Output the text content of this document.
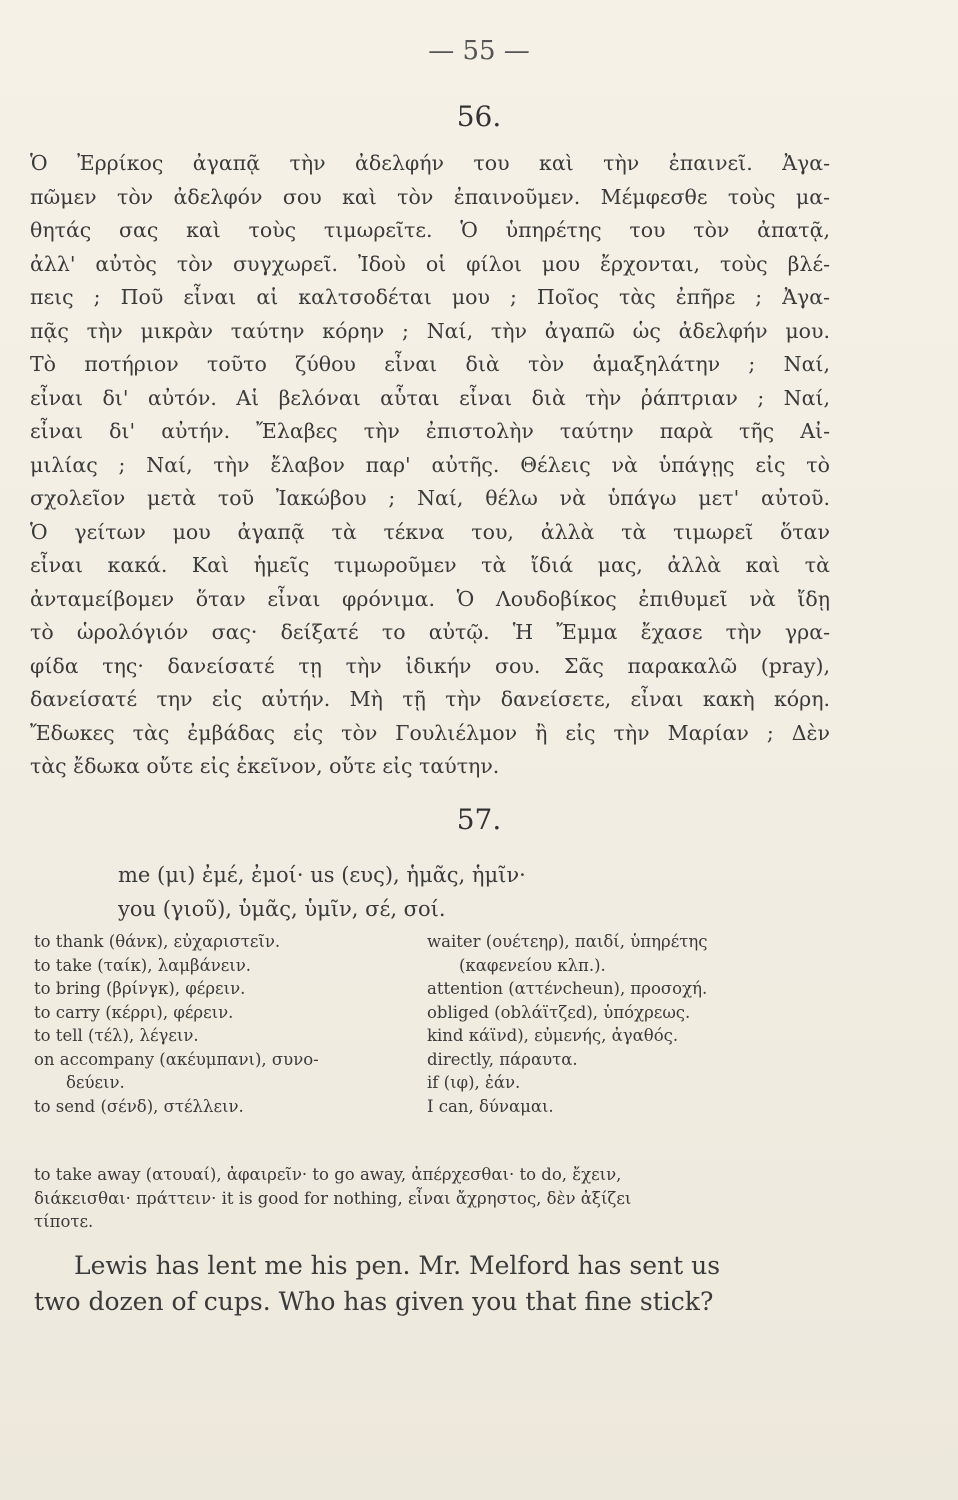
— 55 —
56.
Ὁ Ἐρρίκος ἀγαπᾷ τὴν ἀδελφήν του καὶ τὴν ἐπαινεῖ. Ἀγα-
πῶμεν τὸν ἀδελφόν σου καὶ τὸν ἐπαινοῦμεν. Μέμφεσθε τοὺς μα-
θητάς σας καὶ τοὺς τιμωρεῖτε. Ὁ ὑπηρέτης του τὸν ἀπατᾷ,
ἀλλ' αὐτὸς τὸν συγχωρεῖ. Ἰδοὺ οἱ φίλοι μου ἔρχονται, τοὺς βλέ-
πεις ; Ποῦ εἶναι αἱ καλτσοδέται μου ; Ποῖος τὰς ἐπῆρε ; Ἀγα-
πᾷς τὴν μικρὰν ταύτην κόρην ; Ναί, τὴν ἀγαπῶ ὡς ἀδελφήν μου.
Τὸ ποτήριον τοῦτο ζύθου εἶναι διὰ τὸν ἁμαξηλάτην ; Ναί,
εἶναι δι' αὐτόν. Αἱ βελόναι αὗται εἶναι διὰ τὴν ῥάπτριαν ; Ναί,
εἶναι δι' αὐτήν. Ἔλαβες τὴν ἐπιστολὴν ταύτην παρὰ τῆς Αἰ-
μιλίας ; Ναί, τὴν ἔλαβον παρ' αὐτῆς. Θέλεις νὰ ὑπάγῃς εἰς τὸ
σχολεῖον μετὰ τοῦ Ἰακώβου ; Ναί, θέλω νὰ ὑπάγω μετ' αὐτοῦ.
Ὁ γείτων μου ἀγαπᾷ τὰ τέκνα του, ἀλλὰ τὰ τιμωρεῖ ὅταν
εἶναι κακά. Καὶ ἡμεῖς τιμωροῦμεν τὰ ἴδιά μας, ἀλλὰ καὶ τὰ
ἀνταμείβομεν ὅταν εἶναι φρόνιμα. Ὁ Λουδοβίκος ἐπιθυμεῖ νὰ ἴδῃ
τὸ ὡρολόγιόν σας· δείξατέ το αὐτῷ. Ἡ Ἔμμα ἔχασε τὴν γρα-
φίδα της· δανείσατέ τῃ τὴν ἰδικήν σου. Σᾶς παρακαλῶ (pray),
δανείσατέ την εἰς αὐτήν. Μὴ τῇ τὴν δανείσετε, εἶναι κακὴ κόρη.
Ἔδωκες τὰς ἐμβάδας εἰς τὸν Γουλιέλμον ἢ εἰς τὴν Μαρίαν ; Δὲν
τὰς ἔδωκα οὔτε εἰς ἐκεῖνον, οὔτε εἰς ταύτην.
57.
me (μι) ἐμέ, ἐμοί· us (ευς), ἡμᾶς, ἡμῖν·
you (γιοῦ), ὑμᾶς, ὑμῖν, σέ, σοί.
to thank (θάνκ), εὐχαριστεῖν.
to take (ταίκ), λαμβάνειν.
to bring (βρίνγκ), φέρειν.
to carry (κέρρι), φέρειν.
to tell (τέλ), λέγειν.
on accompany (ακέυμπανι), συνο-
δεύειν.
to send (σένδ), στέλλειν.
waiter (ουέτεηρ), παιδί, ὑπηρέτης
(καφενείου κλπ.).
attention (αττένcheun), προσοχή.
obliged (οbλάϊτζεd), ὑπόχρεως.
kind κάϊνd), εὐμενής, ἀγαθός.
directly, πάραυτα.
if (ιφ), ἐάν.
I can, δύναμαι.
to take away (ατουαί), ἀφαιρεῖν· to go away, ἀπέρχεσθαι· to do, ἔχειν,
διάκεισθαι· πράττειν· it is good for nothing, εἶναι ἄχρηστος, δὲν ἀξίζει
τίποτε.
Lewis has lent me his pen. Mr. Melford has sent us
two dozen of cups. Who has given you that fine stick?
